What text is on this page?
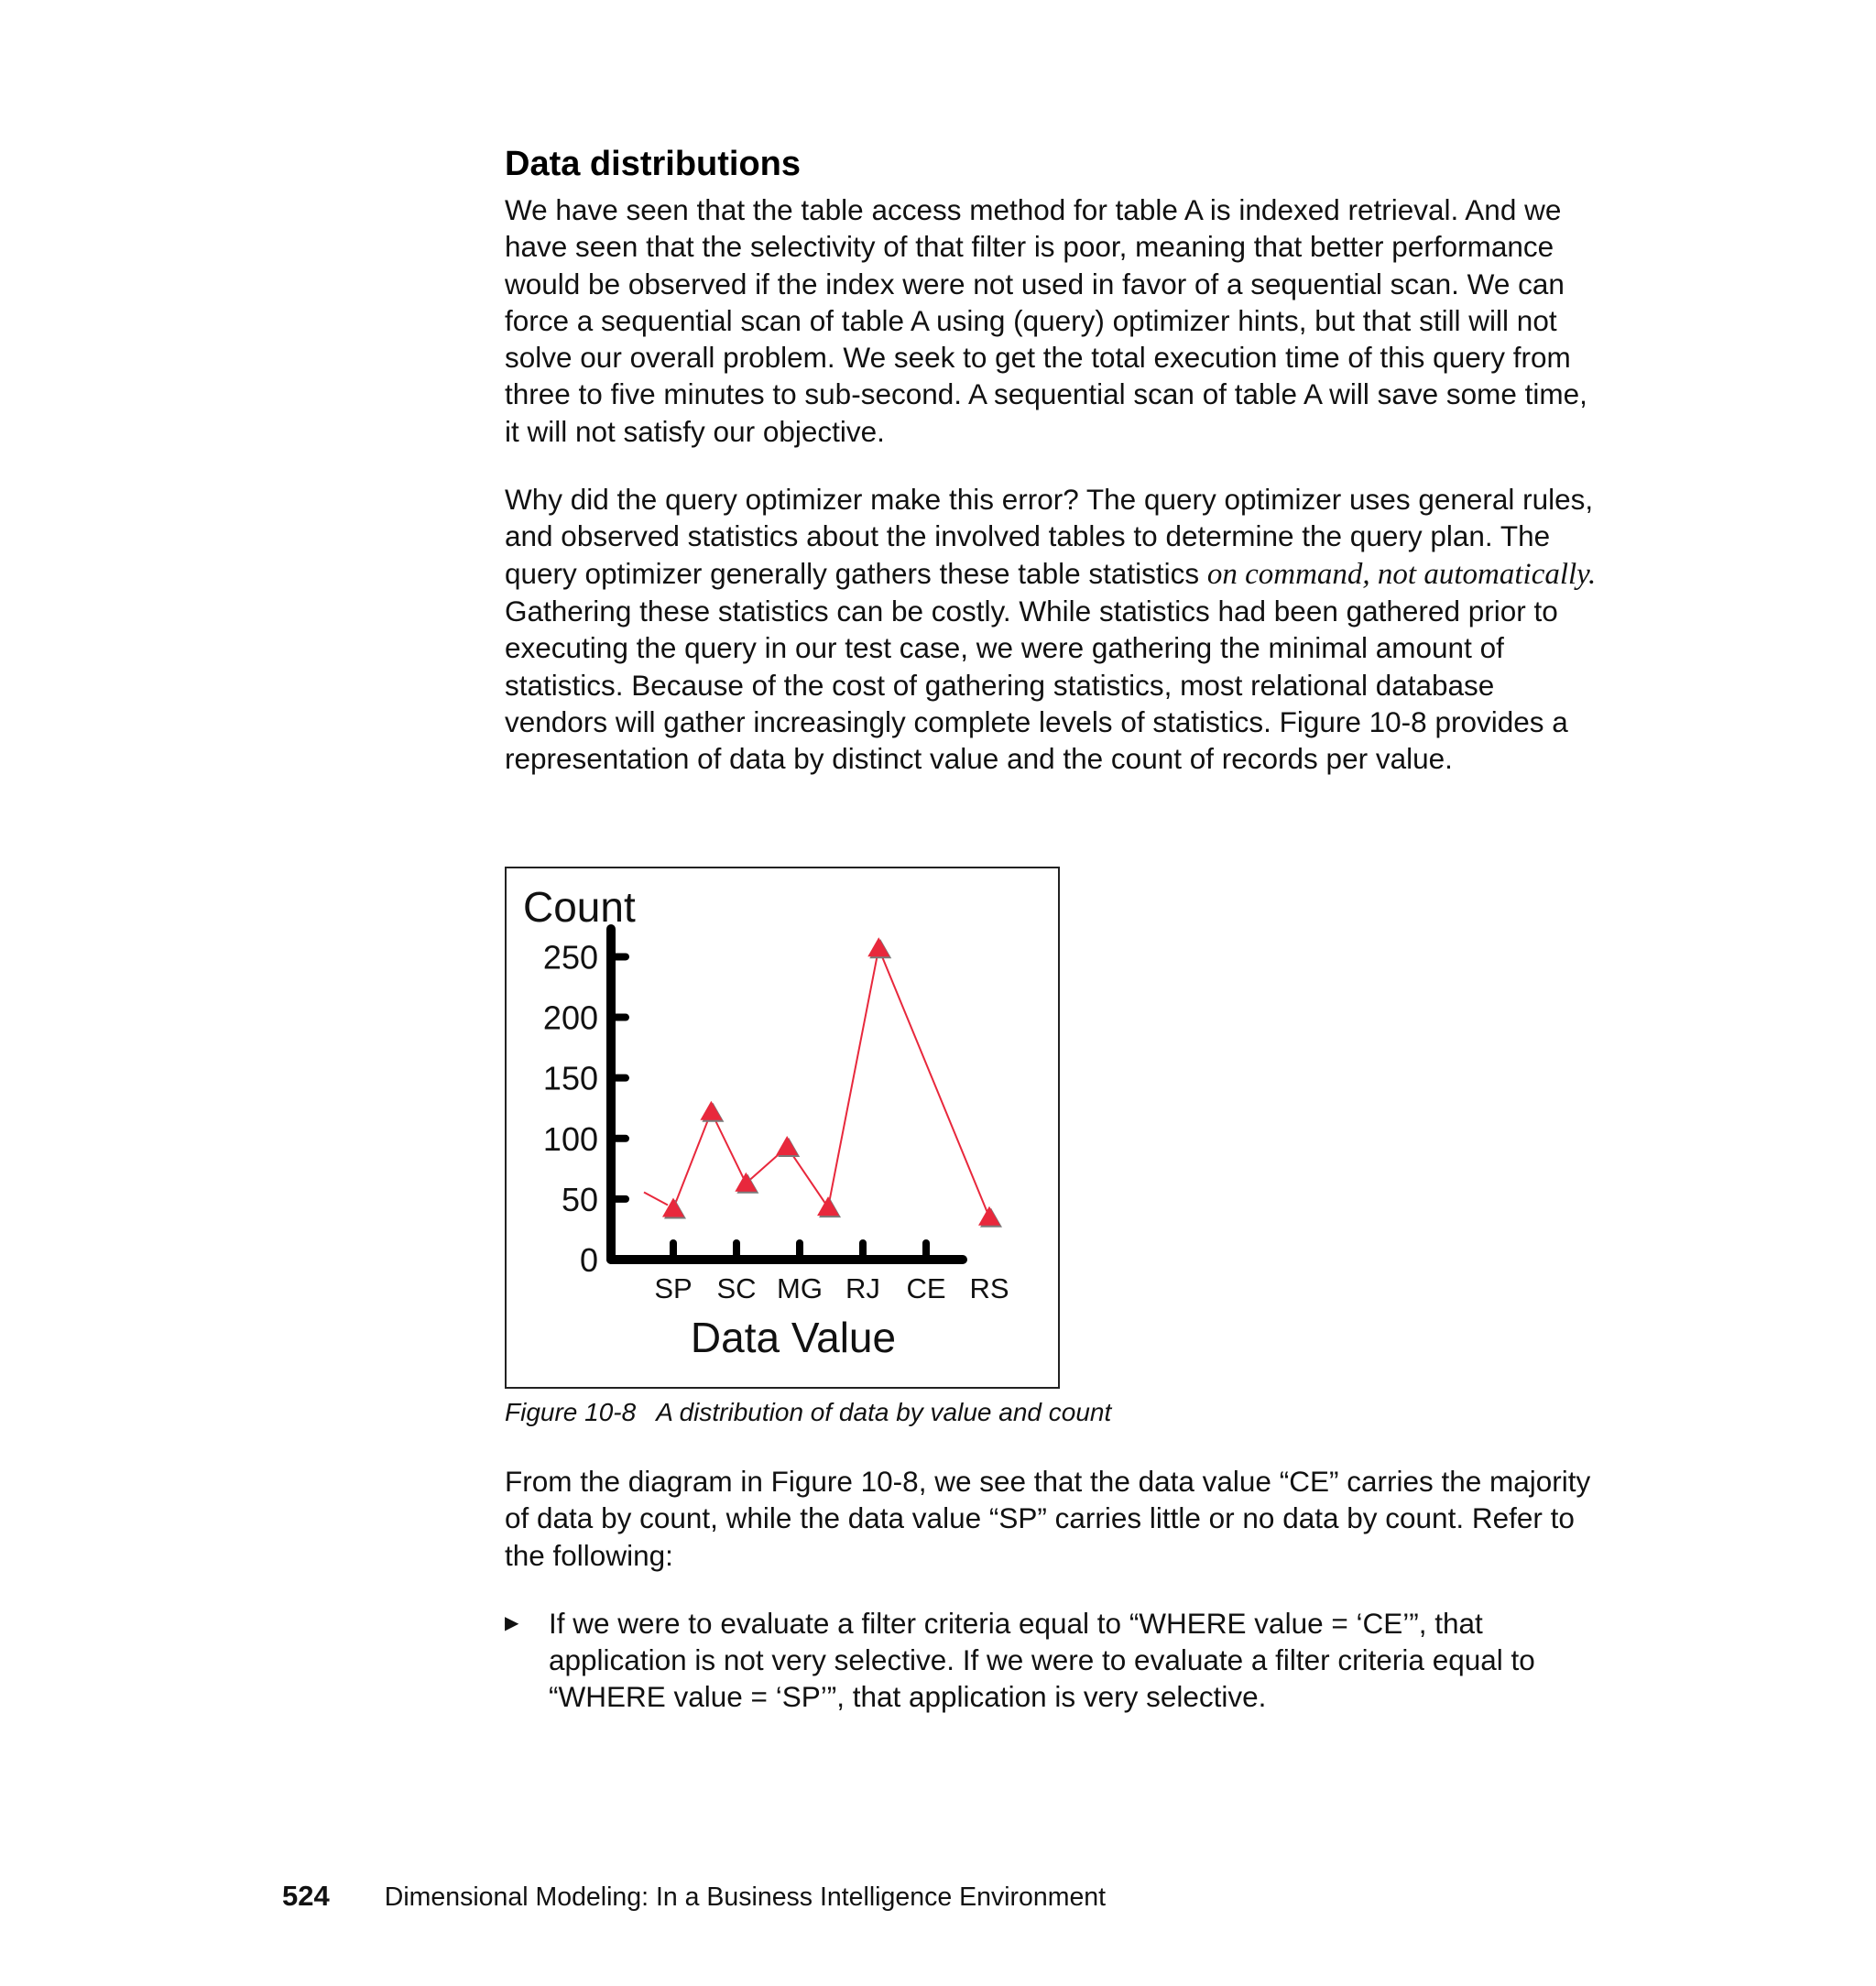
Data distributions

We have seen that the table access method for table A is indexed retrieval. And we have seen that the selectivity of that filter is poor, meaning that better performance would be observed if the index were not used in favor of a sequential scan. We can force a sequential scan of table A using (query) optimizer hints, but that still will not solve our overall problem. We seek to get the total execution time of this query from three to five minutes to sub-second. A sequential scan of table A will save some time, it will not satisfy our objective.

Why did the query optimizer make this error? The query optimizer uses general rules, and observed statistics about the involved tables to determine the query plan. The query optimizer generally gathers these table statistics on command, not automatically. Gathering these statistics can be costly. While statistics had been gathered prior to executing the query in our test case, we were gathering the minimal amount of statistics. Because of the cost of gathering statistics, most relational database vendors will gather increasingly complete levels of statistics. Figure 10-8 provides a representation of data by distinct value and the count of records per value.

Count
Data Value
0
50
100
150
200
250
SP SC MG RJ CE RS
Figure 10-8 A distribution of data by value and count

From the diagram in Figure 10-8, we see that the data value “CE” carries the majority of data by count, while the data value “SP” carries little or no data by count. Refer to the following:

▶	If we were to evaluate a filter criteria equal to “WHERE value = ‘CE’”, that application is not very selective. If we were to evaluate a filter criteria equal to “WHERE value = ‘SP’”, that application is very selective.

524 Dimensional Modeling: In a Business Intelligence Environment
